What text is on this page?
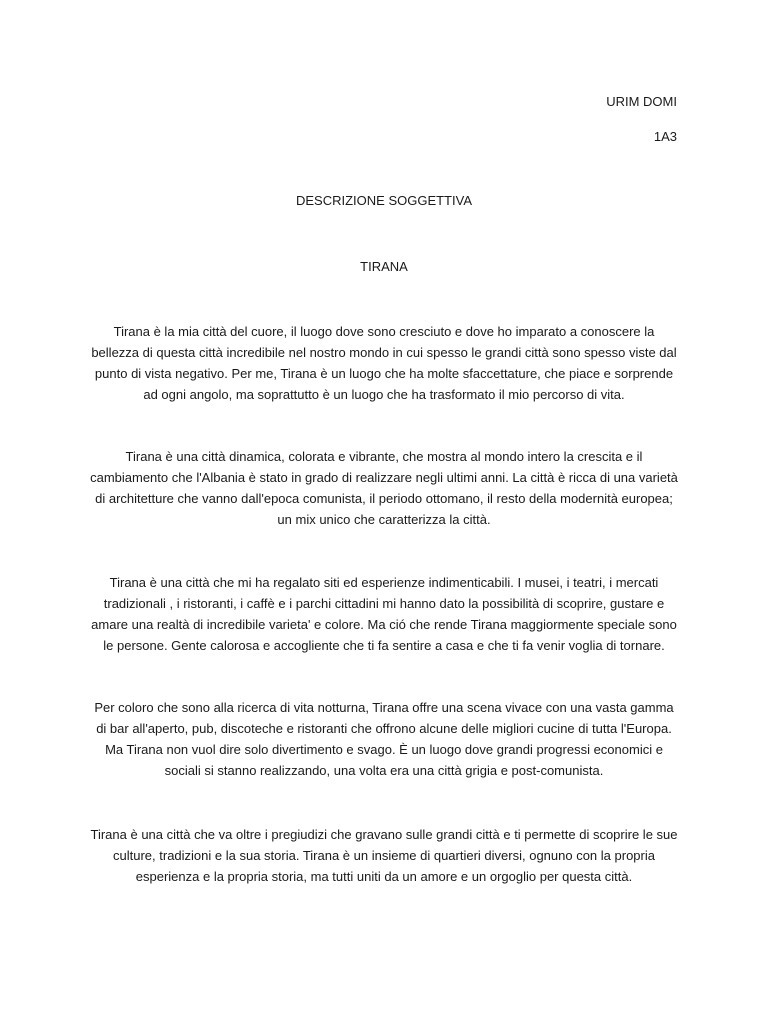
URIM DOMI
1A3
DESCRIZIONE SOGGETTIVA
TIRANA

Tirana è la mia città del cuore, il luogo dove sono cresciuto e dove ho imparato a conoscere la bellezza di questa città incredibile nel nostro mondo in cui spesso le grandi città sono spesso viste dal punto di vista negativo. Per me, Tirana è un luogo che ha molte sfaccettature, che piace e sorprende ad ogni angolo, ma soprattutto è un luogo che ha trasformato il mio percorso di vita.

Tirana è una città dinamica, colorata e vibrante, che mostra al mondo intero la crescita e il cambiamento che l'Albania è stato in grado di realizzare negli ultimi anni. La città è ricca di una varietà di architetture che vanno dall'epoca comunista, il periodo ottomano, il resto della modernità europea; un mix unico che caratterizza la città.

Tirana è una città che mi ha regalato siti ed esperienze indimenticabili. I musei, i teatri, i mercati tradizionali , i ristoranti, i caffè e i parchi cittadini mi hanno dato la possibilità di scoprire, gustare e amare una realtà di incredibile varieta' e colore. Ma ció che rende Tirana maggiormente speciale sono le persone. Gente calorosa e accogliente che ti fa sentire a casa e che ti fa venir voglia di tornare.

Per coloro che sono alla ricerca di vita notturna, Tirana offre una scena vivace con una vasta gamma di bar all'aperto, pub, discoteche e ristoranti che offrono alcune delle migliori cucine di tutta l'Europa. Ma Tirana non vuol dire solo divertimento e svago. È un luogo dove grandi progressi economici e sociali si stanno realizzando, una volta era una città grigia e post-comunista.

Tirana è una città che va oltre i pregiudizi che gravano sulle grandi città e ti permette di scoprire le sue culture, tradizioni e la sua storia. Tirana è un insieme di quartieri diversi, ognuno con la propria esperienza e la propria storia, ma tutti uniti da un amore e un orgoglio per questa città.
